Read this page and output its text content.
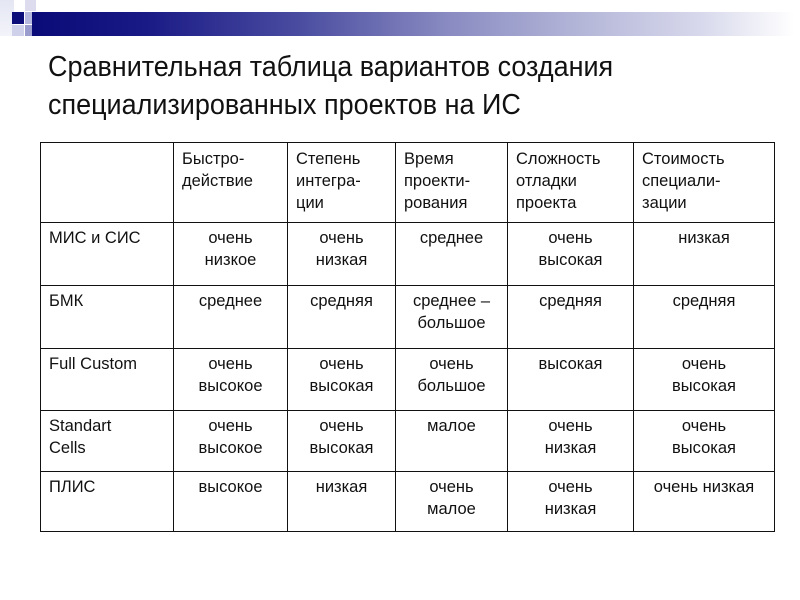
Сравнительная таблица вариантов создания
специализированных проектов на ИС

	Быстро-
действие	Степень
интегра-
ции	Время
проекти-
рования	Сложность
отладки
проекта	Стоимость
специали-
зации

МИС и СИС	очень
низкое	очень
низкая	среднее	очень
высокая	низкая

БМК	среднее	средняя	среднее –
большое	средняя	средняя

Full Custom	очень
высокое	очень
высокая	очень
большое	высокая	очень
высокая

Standart
Cells	очень
высокое	очень
высокая	малое	очень
низкая	очень
высокая

ПЛИС	высокое	низкая	очень
малое	очень
низкая	очень низкая
